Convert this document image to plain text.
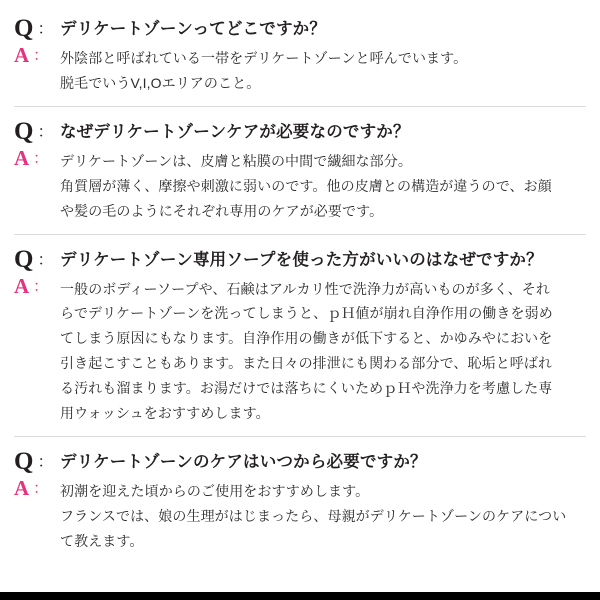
Q ： デリケートゾーンってどこですか？
A ： 外陰部と呼ばれている一帯をデリケートゾーンと呼んでいます。

脱毛でいうV,I,Oエリアのこと。

Q ： なぜデリケートゾーンケアが必要なのですか？
A ： デリケートゾーンは、皮膚と粘膜の中間で繊細な部分。

角質層が薄く、摩擦や刺激に弱いのです。他の皮膚との構造が違うので、お顔

や髪の毛のようにそれぞれ専用のケアが必要です。

Q ： デリケートゾーン専用ソープを使った方がいいのはなぜですか？
A ： 一般のボディーソープや、石鹸はアルカリ性で洗浄力が高いものが多く、それ

らでデリケートゾーンを洗ってしまうと、ｐＨ値が崩れ自浄作用の働きを弱め

てしまう原因にもなります。自浄作用の働きが低下すると、かゆみやにおいを

引き起こすこともあります。また日々の排泄にも関わる部分で、恥垢と呼ばれ

る汚れも溜まります。お湯だけでは落ちにくいためｐＨや洗浄力を考慮した専

用ウォッシュをおすすめします。

Q ： デリケートゾーンのケアはいつから必要ですか？
A ： 初潮を迎えた頃からのご使用をおすすめします。

フランスでは、娘の生理がはじまったら、母親がデリケートゾーンのケアについ

て教えます。
